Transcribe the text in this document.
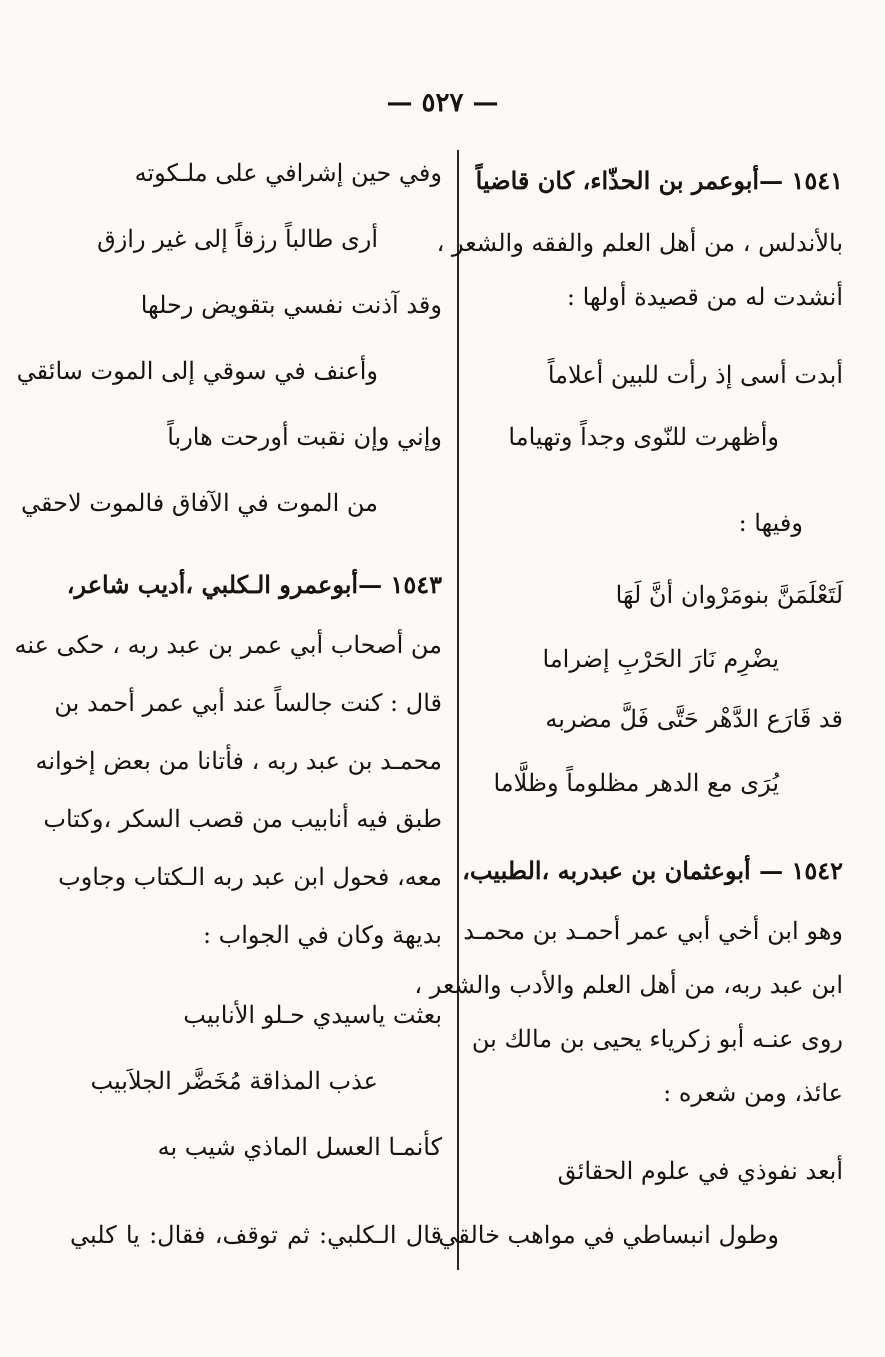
— ٥٢٧ —
١٥٤١ —أبوعمر بن الحذّاء، كان قاضياً
بالأندلس ، من أهل العلم والفقه والشعر ،
أنشدت له من قصيدة أولها :
أبدت أسى إذ رأت للبين أعلاماً
وأظهرت للنّوى وجداً وتهياما
وفيها :
لَتَعْلَمَنَّ بنومَرْوان أنَّ لَهَا
يضْرِم نَارَ الحَرْبِ إضراما
قد قَارَع الدَّهْر حَتَّى فَلَّ مضربه
يُرَى مع الدهر مظلوماً وظلَّاما
١٥٤٢ — أبوعثمان بن عبدربه ،الطبيب،
وهو ابن أخي أبي عمر أحمـد بن محمـد
ابن عبد ربه، من أهل العلم والأدب والشعر ،
روى عنـه أبو زكرياء يحيى بن مالك بن
عائذ، ومن شعره :
أبعد نفوذي في علوم الحقائق
وطول انبساطي في مواهب خالقي
وفي حين إشرافي على ملـكوته
أرى طالباً رزقاً إلى غير رازق
وقد آذنت نفسي بتقويض رحلها
وأعنف في سوقي إلى الموت سائقي
وإني وإن نقبت أورحت هارباً
من الموت في الآفاق فالموت لاحقي
١٥٤٣ —أبوعمرو الـكلبي ،أديب شاعر،
من أصحاب أبي عمر بن عبد ربه ، حكى عنه
قال : كنت جالساً عند أبي عمر أحمد بن
محمـد بن عبد ربه ، فأتانا من بعض إخوانه
طبق فيه أنابيب من قصب السكر ،وكتاب
معه، فحول ابن عبد ربه الـكتاب وجاوب
بديهة وكان في الجواب :
بعثت ياسيدي حـلو الأنابيب
عذب المذاقة مُخَضَّر الجلاَبيب
كأنمـا العسل الماذي شيب به
قال الـكلبي: ثم توقف، فقال: يا كلبي
